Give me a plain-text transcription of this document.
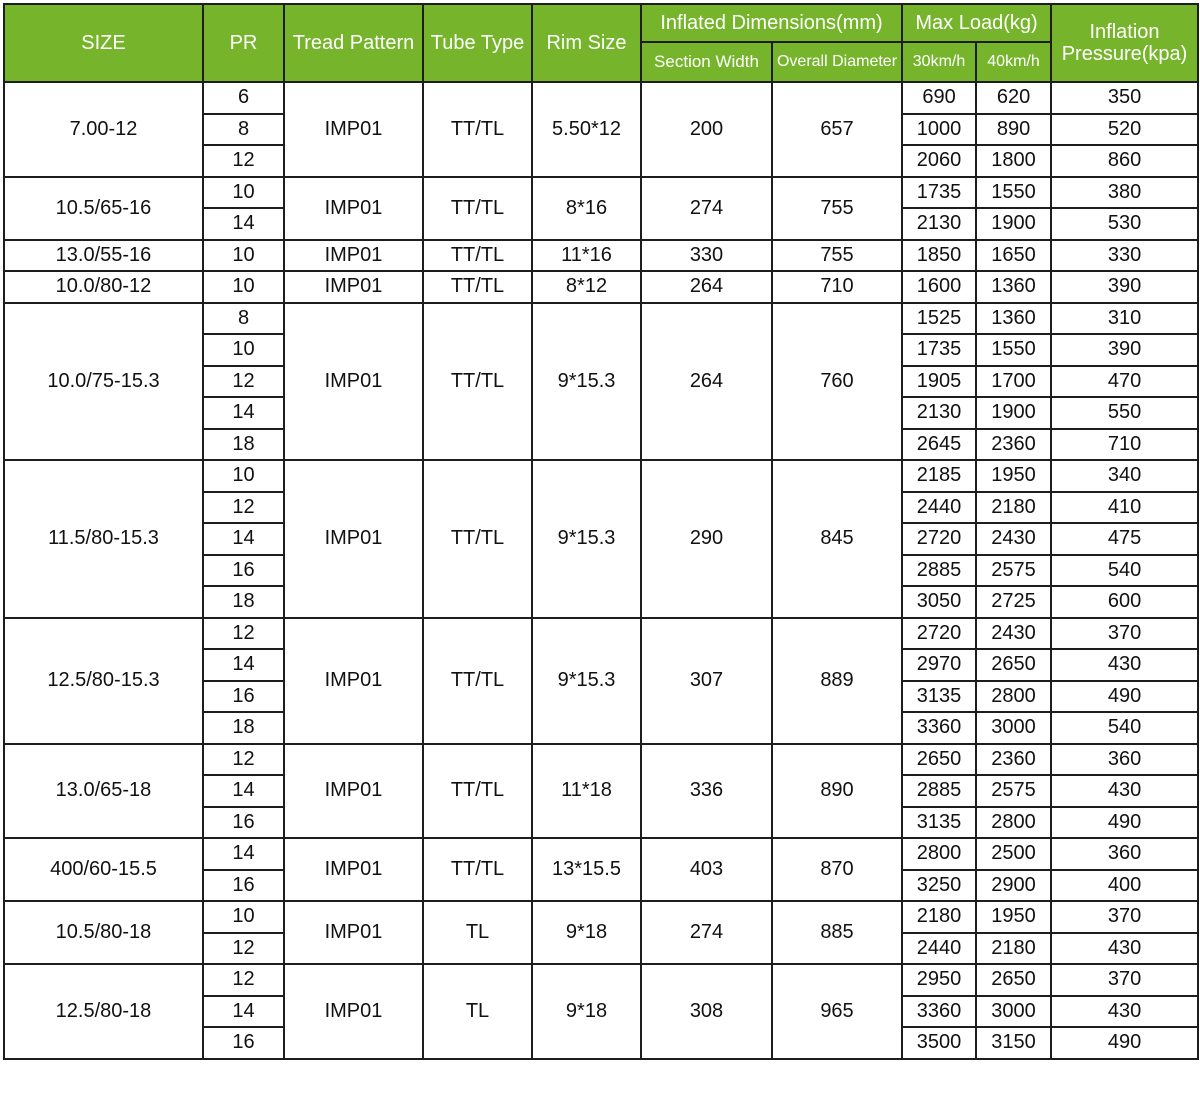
SIZE	PR	Tread Pattern	Tube Type	Rim Size	Inflated Dimensions(mm)		Max Load(kg)		Inflation Pressure(kpa)
					Section Width	Overall Diameter	30km/h	40km/h	
7.00-12	6	IMP01	TT/TL	5.50*12	200	657	690	620	350
	8						1000	890	520
	12						2060	1800	860
10.5/65-16	10	IMP01	TT/TL	8*16	274	755	1735	1550	380
	14						2130	1900	530
13.0/55-16	10	IMP01	TT/TL	11*16	330	755	1850	1650	330
10.0/80-12	10	IMP01	TT/TL	8*12	264	710	1600	1360	390
10.0/75-15.3	8	IMP01	TT/TL	9*15.3	264	760	1525	1360	310
	10						1735	1550	390
	12						1905	1700	470
	14						2130	1900	550
	18						2645	2360	710
11.5/80-15.3	10	IMP01	TT/TL	9*15.3	290	845	2185	1950	340
	12						2440	2180	410
	14						2720	2430	475
	16						2885	2575	540
	18						3050	2725	600
12.5/80-15.3	12	IMP01	TT/TL	9*15.3	307	889	2720	2430	370
	14						2970	2650	430
	16						3135	2800	490
	18						3360	3000	540
13.0/65-18	12	IMP01	TT/TL	11*18	336	890	2650	2360	360
	14						2885	2575	430
	16						3135	2800	490
400/60-15.5	14	IMP01	TT/TL	13*15.5	403	870	2800	2500	360
	16						3250	2900	400
10.5/80-18	10	IMP01	TL	9*18	274	885	2180	1950	370
	12						2440	2180	430
12.5/80-18	12	IMP01	TL	9*18	308	965	2950	2650	370
	14						3360	3000	430
	16						3500	3150	490
